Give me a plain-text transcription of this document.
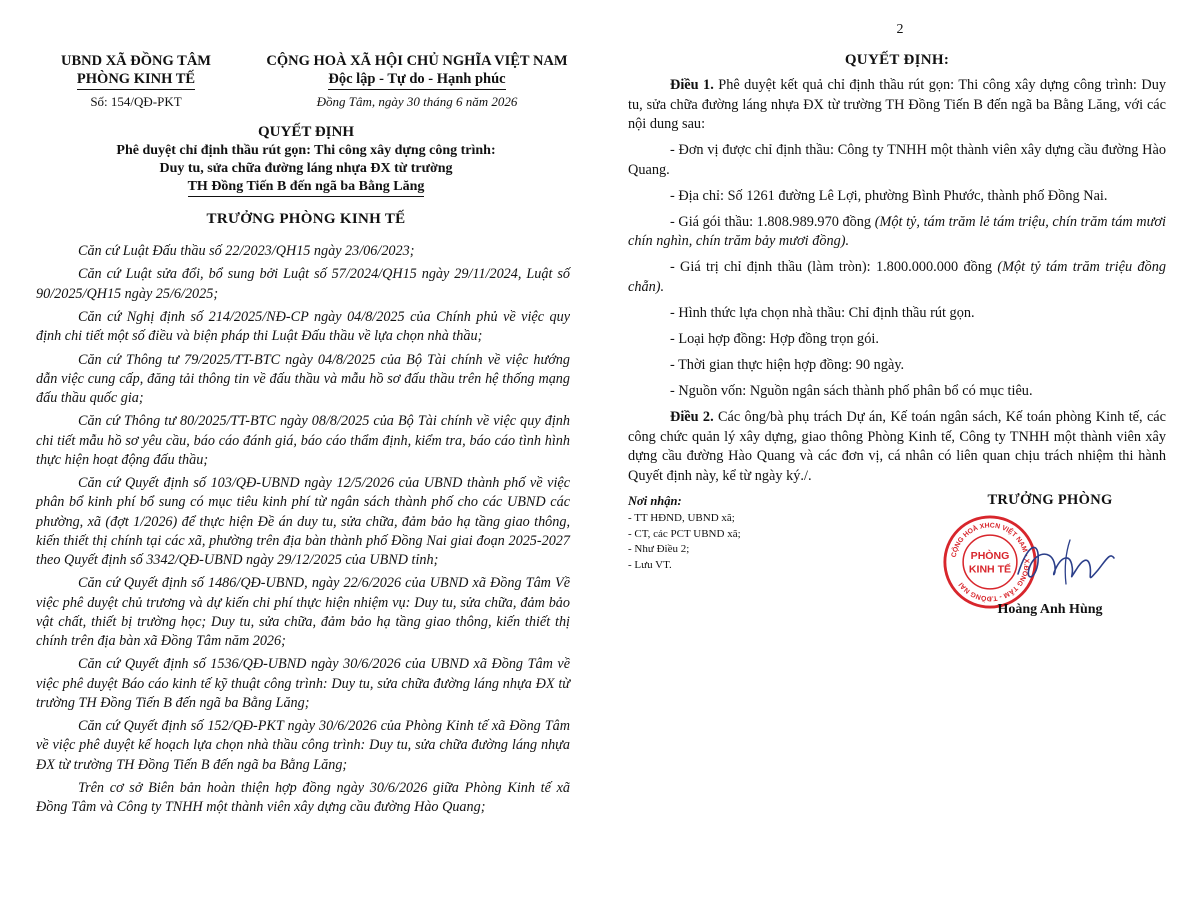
UBND XÃ ĐỒNG TÂM
PHÒNG KINH TẾ
Số: 154/QĐ-PKT
CỘNG HOÀ XÃ HỘI CHỦ NGHĨA VIỆT NAM
Độc lập - Tự do - Hạnh phúc
Đồng Tâm, ngày 30 tháng 6 năm 2026
QUYẾT ĐỊNH
Phê duyệt chỉ định thầu rút gọn: Thi công xây dựng công trình:
Duy tu, sửa chữa đường láng nhựa ĐX từ trường
TH Đồng Tiến B đến ngã ba Bằng Lăng
TRƯỞNG PHÒNG KINH TẾ

Căn cứ Luật Đấu thầu số 22/2023/QH15 ngày 23/06/2023;

Căn cứ Luật sửa đổi, bổ sung bởi Luật số 57/2024/QH15 ngày 29/11/2024, Luật số 90/2025/QH15 ngày 25/6/2025;

Căn cứ Nghị định số 214/2025/NĐ-CP ngày 04/8/2025 của Chính phủ về việc quy định chi tiết một số điều và biện pháp thi Luật Đấu thầu về lựa chọn nhà thầu;

Căn cứ Thông tư 79/2025/TT-BTC ngày 04/8/2025 của Bộ Tài chính về việc hướng dẫn việc cung cấp, đăng tải thông tin về đấu thầu và mẫu hồ sơ đấu thầu trên hệ thống mạng đấu thầu quốc gia;

Căn cứ Thông tư 80/2025/TT-BTC ngày 08/8/2025 của Bộ Tài chính về việc quy định chi tiết mẫu hồ sơ yêu cầu, báo cáo đánh giá, báo cáo thẩm định, kiểm tra, báo cáo tình hình thực hiện hoạt động đấu thầu;

Căn cứ Quyết định số 103/QĐ-UBND ngày 12/5/2026 của UBND thành phố về việc phân bổ kinh phí bổ sung có mục tiêu kinh phí từ ngân sách thành phố cho các UBND các phường, xã (đợt 1/2026) để thực hiện Đề án duy tu, sửa chữa, đảm bảo hạ tầng giao thông, kiến thiết thị chính tại các xã, phường trên địa bàn thành phố Đồng Nai giai đoạn 2025-2027 theo Quyết định số 3342/QĐ-UBND ngày 29/12/2025 của UBND tỉnh;

Căn cứ Quyết định số 1486/QĐ-UBND, ngày 22/6/2026 của UBND xã Đồng Tâm Về việc phê duyệt chủ trương và dự kiến chi phí thực hiện nhiệm vụ: Duy tu, sửa chữa, đảm bảo vật chất, thiết bị trường học; Duy tu, sửa chữa, đảm bảo hạ tầng giao thông, kiến thiết thị chính trên địa bàn xã Đồng Tâm năm 2026;

Căn cứ Quyết định số 1536/QĐ-UBND ngày 30/6/2026 của UBND xã Đồng Tâm về việc phê duyệt Báo cáo kinh tế kỹ thuật công trình: Duy tu, sửa chữa đường láng nhựa ĐX từ trường TH Đồng Tiến B đến ngã ba Bằng Lăng;

Căn cứ Quyết định số 152/QĐ-PKT ngày 30/6/2026 của Phòng Kinh tế xã Đồng Tâm về việc phê duyệt kế hoạch lựa chọn nhà thầu công trình: Duy tu, sửa chữa đường láng nhựa ĐX từ trường TH Đồng Tiến B đến ngã ba Bằng Lăng;

Trên cơ sở Biên bản hoàn thiện hợp đồng ngày 30/6/2026 giữa Phòng Kinh tế xã Đồng Tâm và Công ty TNHH một thành viên xây dựng cầu đường Hào Quang;

2
QUYẾT ĐỊNH:

Điều 1. Phê duyệt kết quả chỉ định thầu rút gọn: Thi công xây dựng công trình: Duy tu, sửa chữa đường láng nhựa ĐX từ trường TH Đồng Tiến B đến ngã ba Bằng Lăng, với các nội dung sau:

- Đơn vị được chỉ định thầu: Công ty TNHH một thành viên xây dựng cầu đường Hào Quang.

- Địa chỉ: Số 1261 đường Lê Lợi, phường Bình Phước, thành phố Đồng Nai.

- Giá gói thầu: 1.808.989.970 đồng (Một tỷ, tám trăm lẻ tám triệu, chín trăm tám mươi chín nghìn, chín trăm bảy mươi đồng).

- Giá trị chỉ định thầu (làm tròn): 1.800.000.000 đồng (Một tỷ tám trăm triệu đồng chẵn).

- Hình thức lựa chọn nhà thầu: Chỉ định thầu rút gọn.

- Loại hợp đồng: Hợp đồng trọn gói.

- Thời gian thực hiện hợp đồng: 90 ngày.

- Nguồn vốn: Nguồn ngân sách thành phố phân bổ có mục tiêu.

Điều 2. Các ông/bà phụ trách Dự án, Kế toán ngân sách, Kế toán phòng Kinh tế, các công chức quản lý xây dựng, giao thông Phòng Kinh tế, Công ty TNHH một thành viên xây dựng cầu đường Hào Quang và các đơn vị, cá nhân có liên quan chịu trách nhiệm thi hành Quyết định này, kể từ ngày ký./.

Nơi nhận:
- TT HĐND, UBND xã;
- CT, các PCT UBND xã;
- Như Điều 2;
- Lưu VT.
TRƯỞNG PHÒNG
CỘNG HOÀ XHCN VIỆT NAM • X.ĐỒNG TÂM - T.ĐỒNG NAI
PHÒNG
KINH TẾ
Hoàng Anh Hùng
